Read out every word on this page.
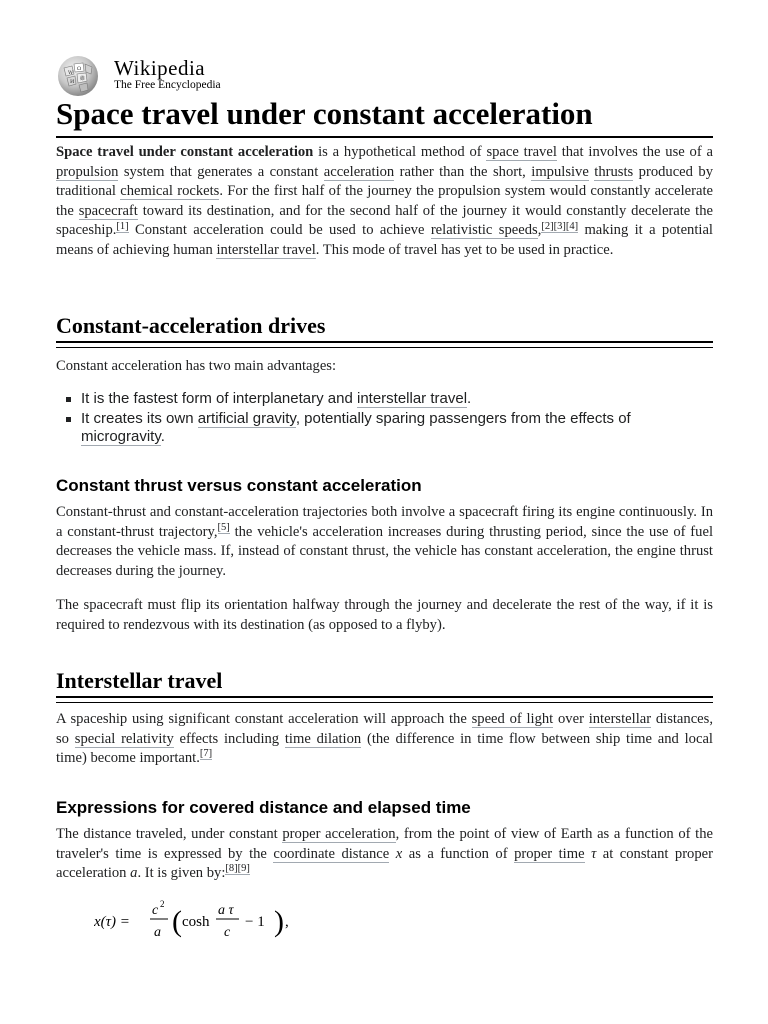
W
Ω
И 維 Wikipedia
The Free Encyclopedia
Space travel under constant acceleration

Space travel under constant acceleration is a hypothetical method of space travel that involves the use of a propulsion system that generates a constant acceleration rather than the short, impulsive thrusts produced by traditional chemical rockets. For the first half of the journey the propulsion system would constantly accelerate the spacecraft toward its destination, and for the second half of the journey it would constantly decelerate the spaceship.[1] Constant acceleration could be used to achieve relativistic speeds,[2][3][4] making it a potential means of achieving human interstellar travel. This mode of travel has yet to be used in practice.

Constant-acceleration drives

Constant acceleration has two main advantages:

It is the fastest form of interplanetary and interstellar travel.
It creates its own artificial gravity, potentially sparing passengers from the effects of microgravity.
Constant thrust versus constant acceleration

Constant-thrust and constant-acceleration trajectories both involve a spacecraft firing its engine continuously. In a constant-thrust trajectory,[5] the vehicle's acceleration increases during thrusting period, since the use of fuel decreases the vehicle mass. If, instead of constant thrust, the vehicle has constant acceleration, the engine thrust decreases during the journey.

The spacecraft must flip its orientation halfway through the journey and decelerate the rest of the way, if it is required to rendezvous with its destination (as opposed to a flyby).

Interstellar travel

A spaceship using significant constant acceleration will approach the speed of light over interstellar distances, so special relativity effects including time dilation (the difference in time flow between ship time and local time) become important.[7]

Expressions for covered distance and elapsed time

The distance traveled, under constant proper acceleration, from the point of view of Earth as a function of the traveler's time is expressed by the coordinate distance x as a function of proper time τ at constant proper acceleration a. It is given by:[8][9]

x(τ) =
c 2
a ( cosh
a τ
c
− 1 ) ,
